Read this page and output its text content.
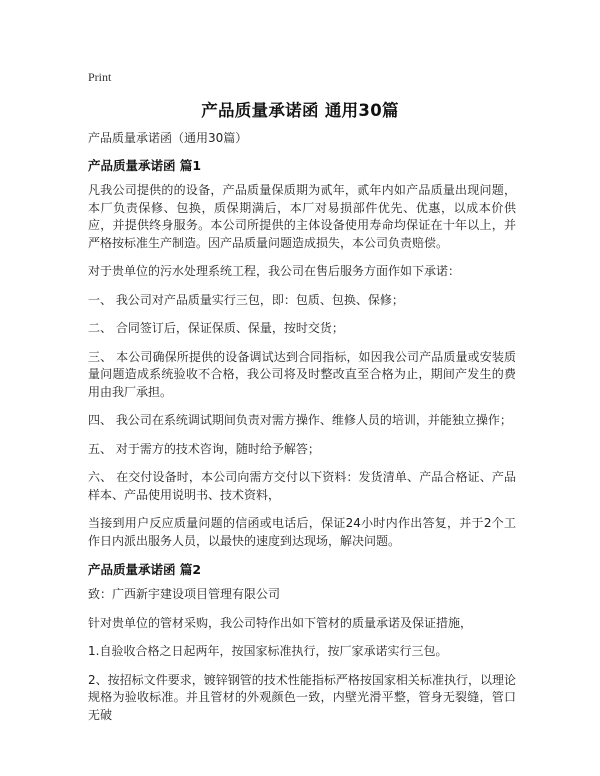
Print
产品质量承诺函 通用30篇

产品质量承诺函（通用30篇）

产品质量承诺函 篇1

凡我公司提供的的设备，产品质量保质期为贰年，贰年内如产品质量出现问题，本厂负责保修、包换，质保期满后，本厂对易损部件优先、优惠，以成本价供应，并提供终身服务。本公司所提供的主体设备使用寿命均保证在十年以上，并严格按标准生产制造。因产品质量问题造成损失，本公司负责赔偿。

对于贵单位的污水处理系统工程，我公司在售后服务方面作如下承诺：

一、 我公司对产品质量实行三包，即：包质、包换、保修；

二、 合同签订后，保证保质、保量，按时交货；

三、 本公司确保所提供的设备调试达到合同指标，如因我公司产品质量或安装质量问题造成系统验收不合格，我公司将及时整改直至合格为止，期间产发生的费用由我厂承担。

四、 我公司在系统调试期间负责对需方操作、维修人员的培训，并能独立操作；

五、 对于需方的技术咨询，随时给予解答；

六、 在交付设备时，本公司向需方交付以下资料：发货清单、产品合格证、产品样本、产品使用说明书、技术资料，

当接到用户反应质量问题的信函或电话后，保证24小时内作出答复，并于2个工作日内派出服务人员，以最快的速度到达现场，解决问题。

产品质量承诺函 篇2

致：广西新宇建设项目管理有限公司

针对贵单位的管材采购，我公司特作出如下管材的质量承诺及保证措施，

1.自验收合格之日起两年，按国家标准执行，按厂家承诺实行三包。

2、按招标文件要求，镀锌钢管的技术性能指标严格按国家相关标准执行，以理论规格为验收标准。并且管材的外观颜色一致，内壁光滑平整，管身无裂缝，管口无破
